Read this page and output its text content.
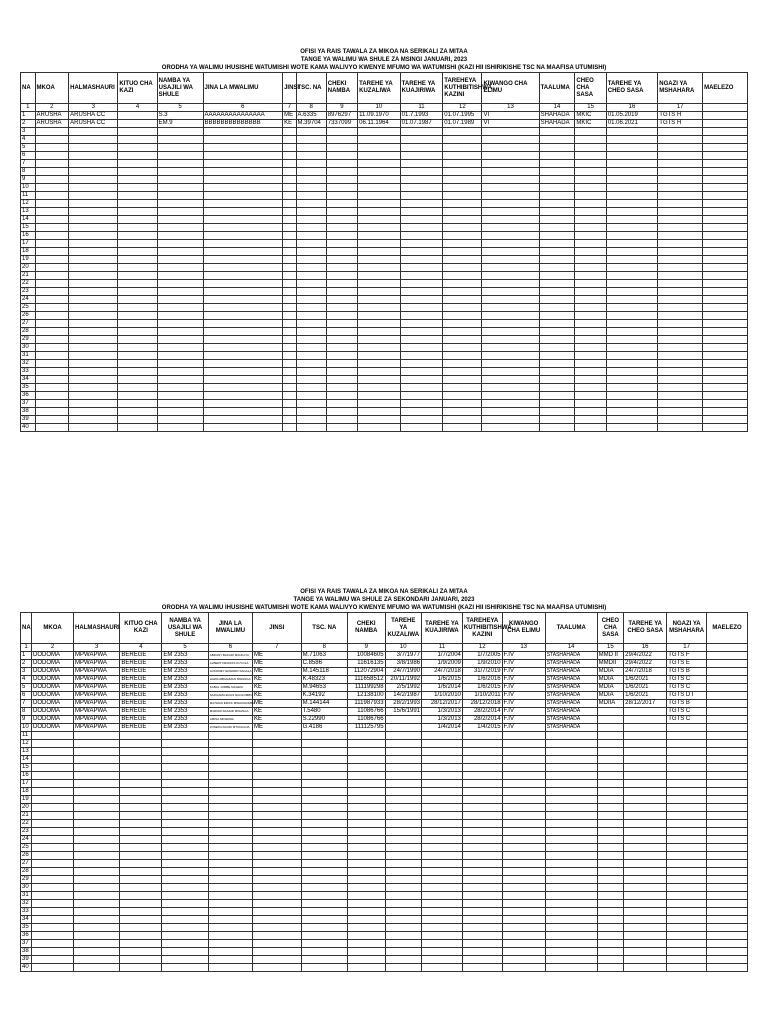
OFISI YA RAIS TAWALA ZA MIKOA NA SERIKALI ZA MITAA
TANGE YA WALIMU WA SHULE ZA MSINGI JANUARI, 2023
ORODHA YA WALIMU IHUSISHE WATUMISHI WOTE KAMA WALIVYO KWENYE MFUMO WA WATUMISHI (KAZI HII ISHIRIKISHE TSC NA MAAFISA UTUMISHI)
NA	MKOA	HALMASHAURI	KITUO CHA KAZI	NAMBA YA USAJILI WA SHULE	JINA LA MWALIMU	JINSI	TSC. NA	CHEKI NAMBA	TAREHE YA KUZALIWA	TAREHE YA KUAJIRIWA	TAREHEYA KUTHIBITISHWA KAZINI	KIWANGO CHA ELIMU	TAALUMA	CHEO CHA SASA	TAREHE YA CHEO SASA	NGAZI YA MSHAHARA	MAELEZO
1	2	3	4	5	6	7	8	9	10	11	12	13	14	15	16	17	
1	ARUSHA	ARUSHA CC		S.3	AAAAAAAAAAAAAAA	ME	A.6335	8976297	11.09.1970	01.7.1993	01.07.1995	VI	SHAHADA	MKIC	01.05.2019	TGTS H	
2	ARUSHA	ARUSHA CC		EM.9	BBBBBBBBBBBBBB	KE	M.39704	7337099	06.11.1964	01.07.1987	01.07.1989	VI	SHAHADA	MKIC	01.06.2021	TGTS H	
3																	
4																	
5																	
6																	
7																	
8																	
9																	
10																	
11																	
12																	
13																	
14																	
15																	
16																	
17																	
18																	
19																	
20																	
21																	
22																	
23																	
24																	
25																	
26																	
27																	
28																	
29																	
30																	
31																	
32																	
33																	
34																	
35																	
36																	
37																	
38																	
39																	
40																	
OFISI YA RAIS TAWALA ZA MIKOA NA SERIKALI ZA MITAA
TANGE YA WALIMU WA SHULE ZA SEKONDARI JANUARI, 2023
ORODHA YA WALIMU IHUSISHE WATUMISHI WOTE KAMA WALIVYO KWENYE MFUMO WA WATUMISHI (KAZI HII ISHIRIKISHE TSC NA MAAFISA UTUMISHI)
NA	MKOA	HALMASHAURI	KITUO CHA KAZI	NAMBA YA USAJILI WA SHULE	JINA LA MWALIMU	JINSI	TSC. NA	CHEKI NAMBA	TAREHE YA KUZALIWA	TAREHE YA KUAJIRIWA	TAREHEYA KUTHIBITISHWA KAZINI	KIWANGO CHA ELIMU	TAALUMA	CHEO CHA SASA	TAREHE YA CHEO SASA	NGAZI YA MSHAHARA	MAELEZO
1	2	3	4	5	6	7	8	9	10	11	12	13	14	15	16	17	
1	DODOMA	MPWAPWA	BEREGE	EM 2353	ABDANY BAKARI MAUKAYA	ME	M.71063	10084605	3/7/1977	1/7/2004	1/7/2005	F.IV	STASHAHADA	MMD II	29/4/2022	TGTS F	
2	DODOMA	MPWAPWA	BEREGE	EM 2353	ALBERT FRANCIS KUYOLA	ME	C.8586	11616135	3/8/1986	1/9/2009	1/9/2010	F.IV	STASHAHADA	MMDII	29/4/2022	TGTS E	
3	DODOMA	MPWAPWA	BEREGE	EM 2353	GODFREY EDWARD SAGALA	ME	M.145118	112072904	24/7/1990	24/7/2018	31/7/2019	F.IV	STASHAHADA	MDIA	24/7/2018	TGTS B	
4	DODOMA	MPWAPWA	BEREGE	EM 2353	HAWA ABDAHMAN MWANGA	KE	K.48323	111658512	20/11/1992	1/6/2015	1/6/2016	F.IV	STASHAHADA	MDIA	1/6/2021	TGTS C	
5	DODOMA	MPWAPWA	BEREGE	EM 2353	KABAL JUMBE MAGESI	KE	M.94653	111199298	2/5/1992	1/6/2014	1/6/2015	F.IV	STASHAHADA	MDIA	1/6/2021	TGTS C	
6	DODOMA	MPWAPWA	BEREGE	EM 2353	SAJIGAMA ELIAS NGOLOMBO	KE	K.34192	12138100	14/2/1987	1/10/2010	1/10/2011	F.IV	STASHAHADA	MDIA	1/6/2021	TGTS D I	
7	DODOMA	MPWAPWA	BEREGE	EM 2353	MATHIAS ERICK MWAKIGOMBA	ME	M.144144	111987933	28/2/1993	28/12/2017	28/12/2018	F.IV	STASHAHADA	MDIIA	28/12/2017	TGTS B	
8	DODOMA	MPWAPWA	BEREGE	EM 2353	MARIAM RASHID MWANGA	KE	T.5480	11086766	15/6/1991	1/3/2013	28/2/2014	F.IV	STASHAHADA			TGTS C	
9	DODOMA	MPWAPWA	BEREGE	EM 2353	AMINA MKWAWA	KE	S.22990	11086766		1/3/2013	28/2/2014	F.IV	STASHAHADA			TGTS C	
10	DODOMA	MPWAPWA	BEREGE	EM 2353	JOSEPH DAUDI MTUNGUJA	ME	G.4186	111125795		1/4/2014	1/4/2015	F.IV	STASHAHADA				
11																	
12																	
13																	
14																	
15																	
16																	
17																	
18																	
19																	
20																	
21																	
22																	
23																	
24																	
25																	
26																	
27																	
28																	
29																	
30																	
31																	
32																	
33																	
34																	
35																	
36																	
37																	
38																	
39																	
40																	
